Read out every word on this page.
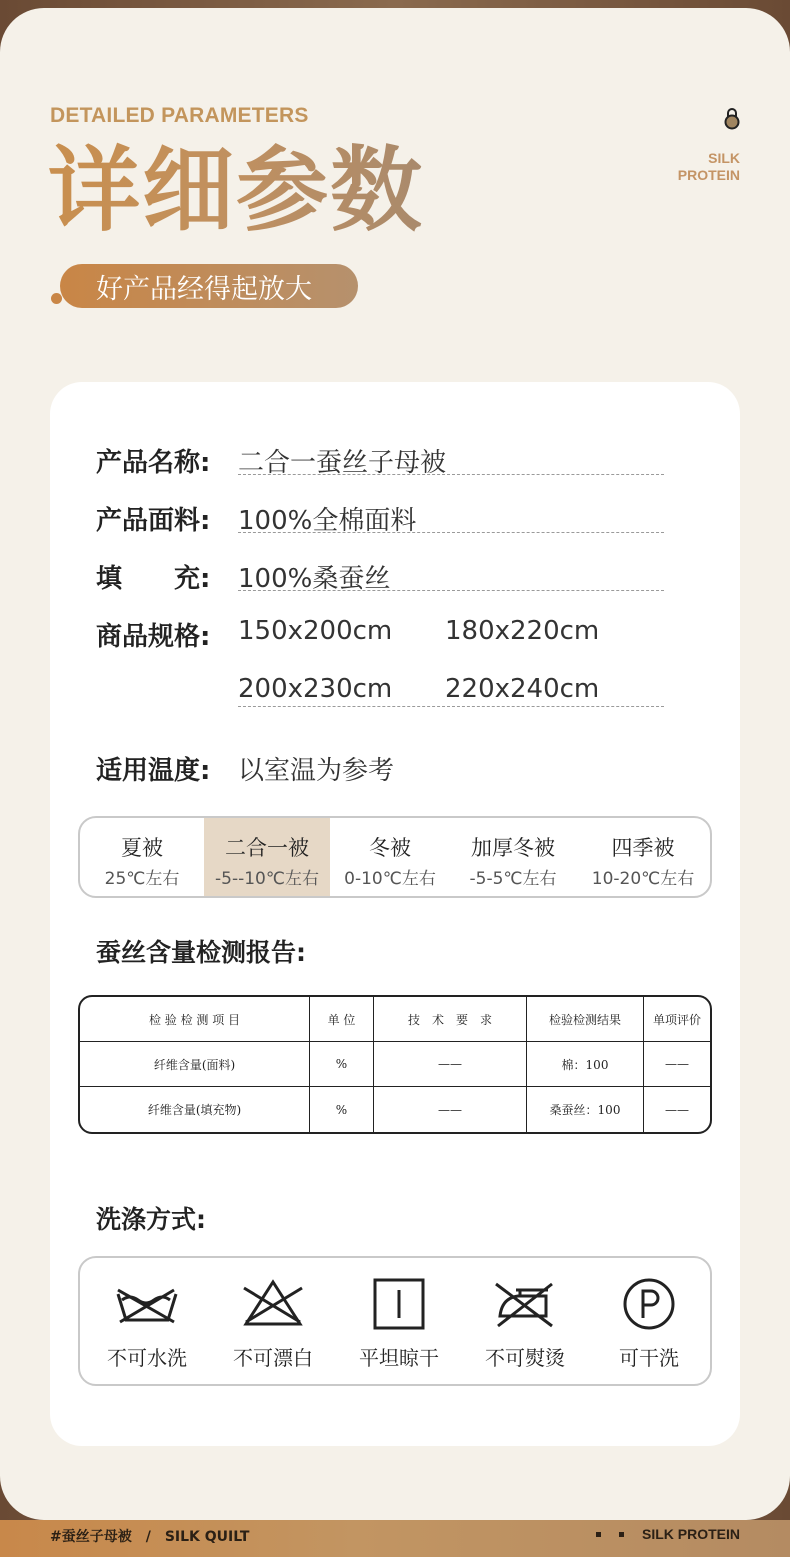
DETAILED PARAMETERS
详细参数
好产品经得起放大
SILK
PROTEIN
产品名称: 二合一蚕丝子母被
产品面料: 100%全棉面料
填　　充: 100%桑蚕丝
商品规格: 150x200cm 180x220cm
200x230cm 220x240cm
适用温度: 以室温为参考
夏被
25℃左右
二合一被
-5--10℃左右
冬被
0-10℃左右
加厚冬被
-5-5℃左右
四季被
10-20℃左右
蚕丝含量检测报告:
检 验 检 测 项 目	单 位	技　术　要　求	检验检测结果	单项评价
纤维含量(面料)	%	——	棉：100	——
纤维含量(填充物)	%	——	桑蚕丝：100	——
洗涤方式:
不可水洗	不可漂白	平坦晾干	不可熨烫	可干洗
#蚕丝子母被　/　SILK QUILT	SILK PROTEIN
